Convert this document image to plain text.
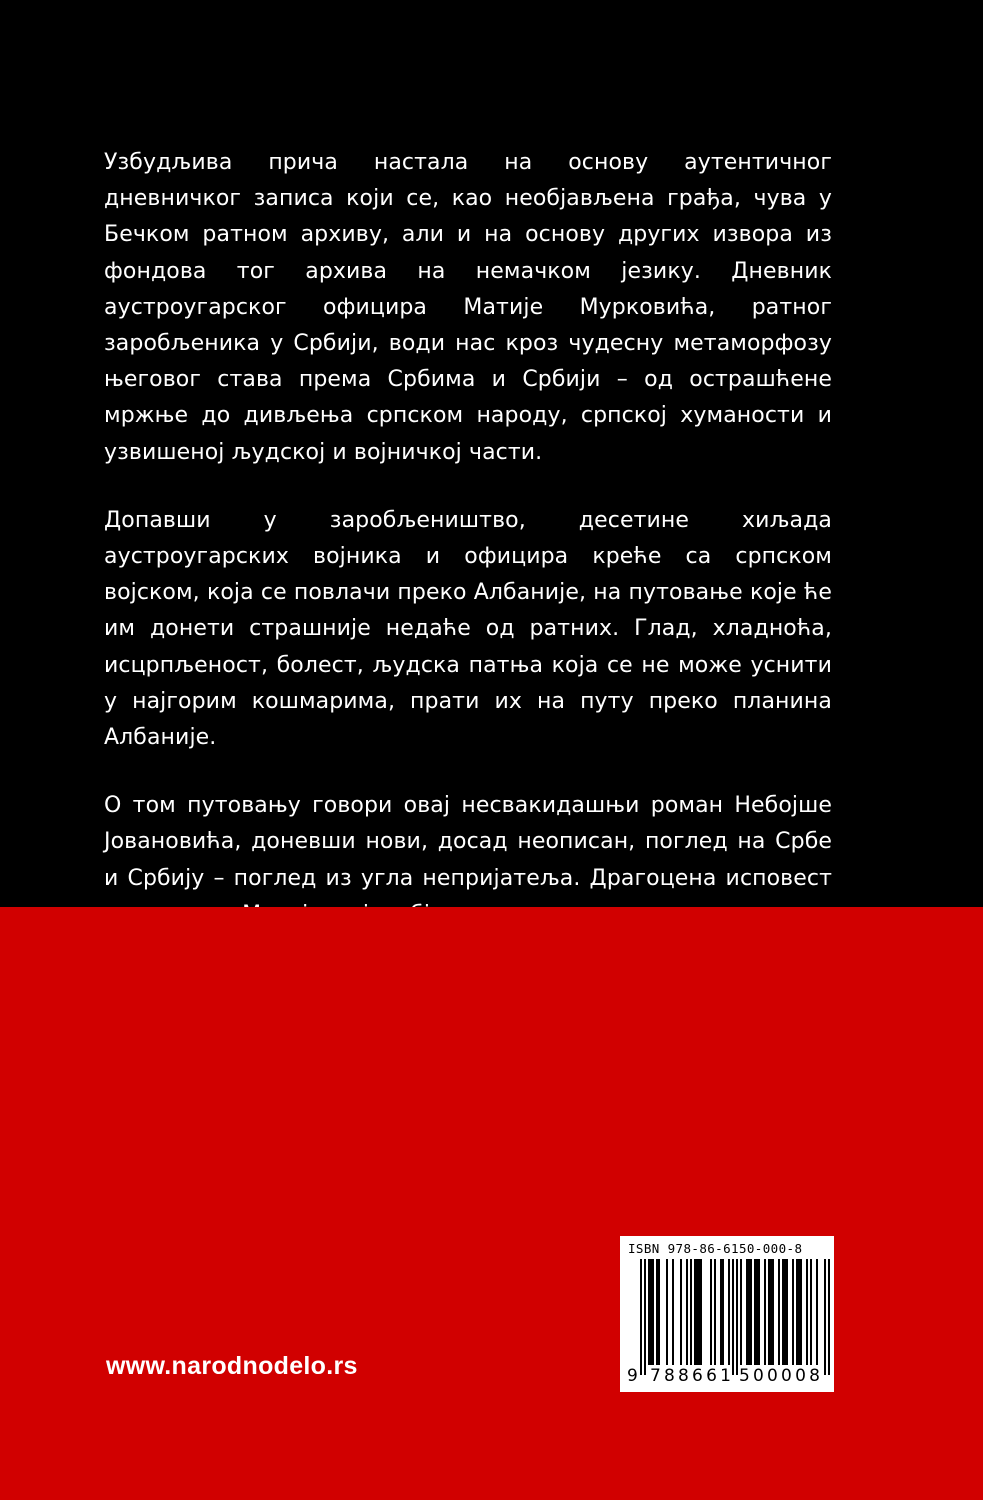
Узбудљива прича настала на основу аутентичног дневничког записа који се, као необјављена грађа, чува у Бечком ратном архиву, али и на основу других извора из фондова тог архива на немачком језику. Дневник аустроугарског официра Матије Мурковића, ратног заробљеника у Србији, води нас кроз чудесну метаморфозу његовог става према Србима и Србији – од острашћене мржње до дивљења српском народу, српској хуманости и узвишеној људској и војничкој части.

Допавши у заробљеништво, десетине хиљада аустроугарских војника и официра креће са српском војском, која се повлачи преко Албаније, на путовање које ће им донети страшније недаће од ратних. Глад, хладноћа, исцрпљеност, болест, људска патња која се не може уснити у најгорим кошмарима, прати их на путу преко планина Албаније.

О том путовању говори овај несвакидашњи роман Небојше Јовановића, доневши нови, досад неописан, поглед на Србе и Србију – поглед из угла непријатеља. Драгоцена исповест

www.narodnodelo.rs
ISBN 978-86-6150-000-8
9 788661 500008
